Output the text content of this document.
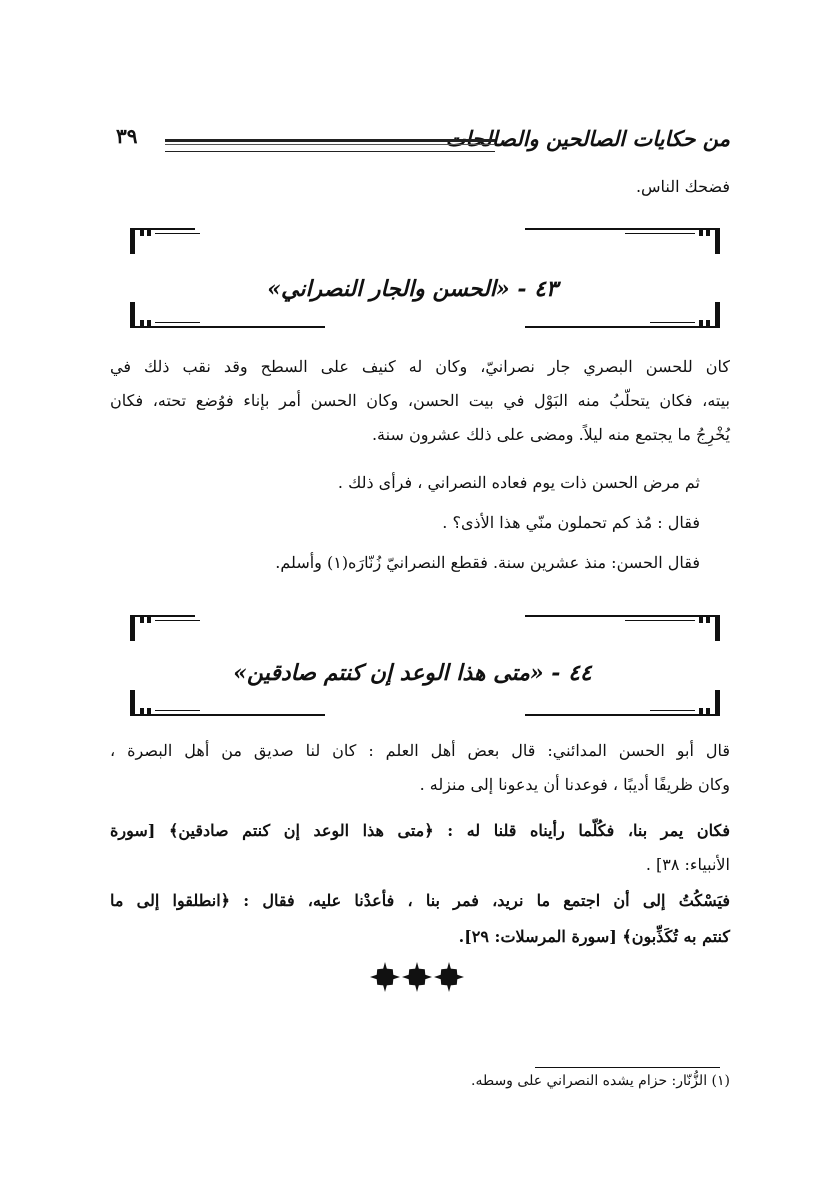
من حكايات الصالحين والصالحات
٣٩
فضحك الناس.
٤٣ - «الحسن والجار النصراني»
كان للحسن البصري جار نصرانيّ، وكان له كنيف على السطح وقد نقب ذلك في
بيته، فكان يتحلّبُ منه البَوْل في بيت الحسن، وكان الحسن أمر بإناء فوُضع تحته، فكان
يُخْرِجُ ما يجتمع منه ليلاً. ومضى على ذلك عشرون سنة.
ثم مرض الحسن ذات يوم فعاده النصراني ، فرأى ذلك .
فقال : مُذ كم تحملون منّي هذا الأذى؟ .
فقال الحسن: منذ عشرين سنة. فقطع النصرانيّ زُنّارَه(١) وأسلم.
٤٤ - «متى هذا الوعد إن كنتم صادقين»
قال أبو الحسن المدائني: قال بعض أهل العلم : كان لنا صديق من أهل البصرة ،
وكان ظريفًا أديبًا ، فوعدنا أن يدعونا إلى منزله .
فكان يمر بنا، فكُلّما رأيناه قلنا له : ﴿متى هذا الوعد إن كنتم صادقين﴾ [سورة
الأنبياء: ٣٨] .
فيَسْكُتُ إلى أن اجتمع ما نريد، فمر بنا ، فأعدْنا عليه، فقال : ﴿انطلقوا إلى ما
كنتم به تُكَذِّبون﴾ [سورة المرسلات: ٢٩].
(١) الزُّنّار: حزام يشده النصراني على وسطه.
